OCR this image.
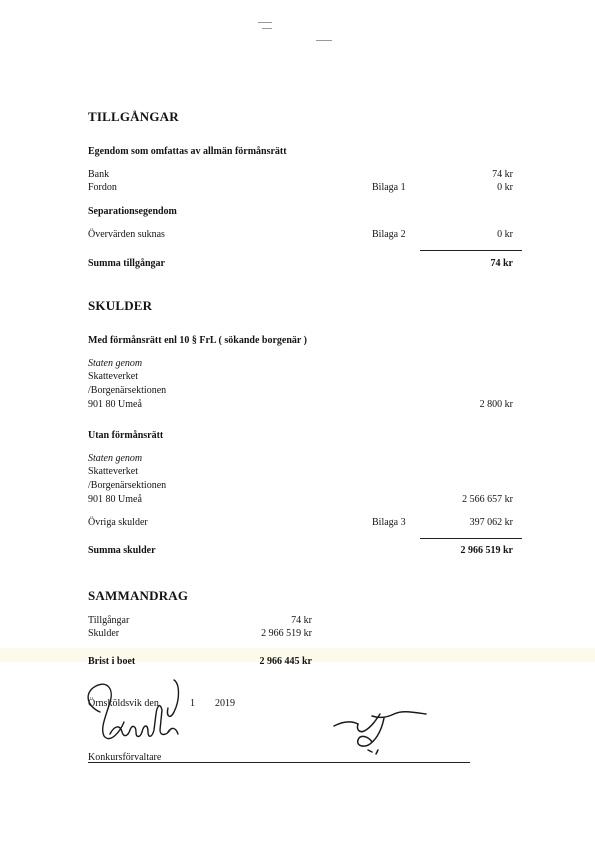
TILLGÅNGAR
Egendom som omfattas av allmän förmånsrätt
Bank	74 kr
Fordon	Bilaga 1	0 kr
Separationsegendom
Övervärden suknas	Bilaga 2	0 kr
Summa tillgångar	74 kr
SKULDER
Med förmånsrätt enl 10 § FrL ( sökande borgenär )
Staten genom
Skatteverket
/Borgenärsektionen
901 80 Umeå	2 800 kr
Utan förmånsrätt
Staten genom
Skatteverket
/Borgenärsektionen
901 80 Umeå	2 566 657 kr
Övriga skulder	Bilaga 3	397 062 kr
Summa skulder	2 966 519 kr
SAMMANDRAG
Tillgångar	74 kr
Skulder	2 966 519 kr
Brist i boet	2 966 445 kr
Örnsköldsvik den	1 2019
Konkursförvaltare
